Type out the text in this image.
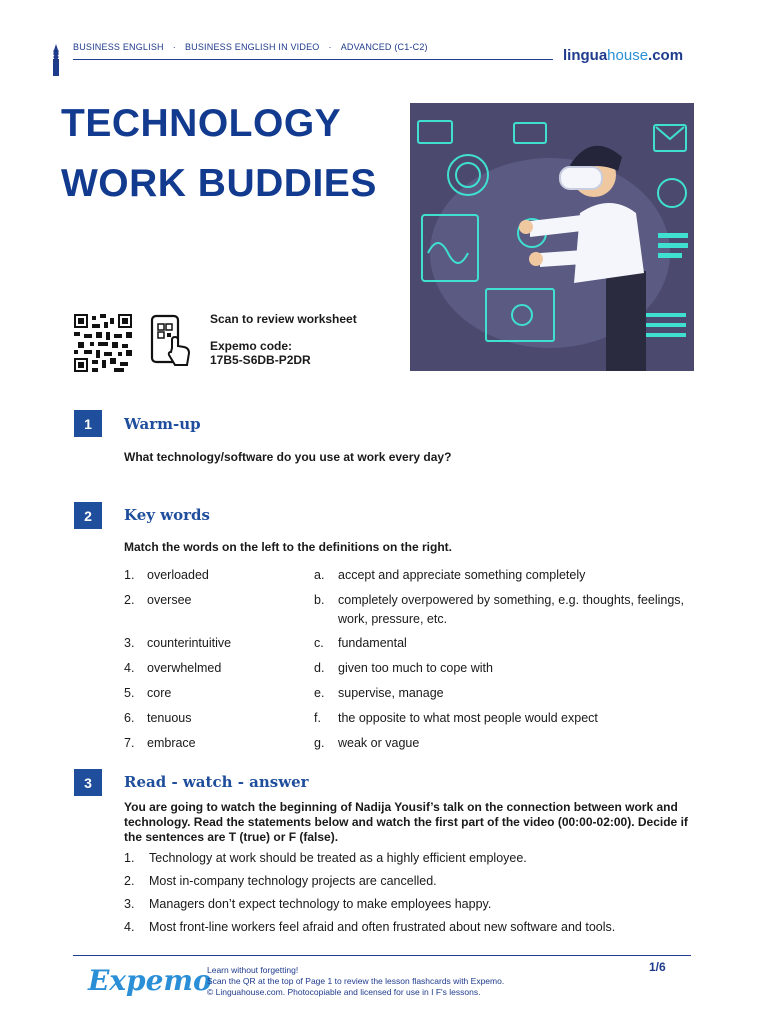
BUSINESS ENGLISH · BUSINESS ENGLISH IN VIDEO · ADVANCED (C1-C2)	linguahouse.com
TECHNOLOGY
WORK BUDDIES
Scan to review worksheet
Expemo code:
17B5-S6DB-P2DR
1	Warm-up
What technology/software do you use at work every day?
2	Key words
Match the words on the left to the definitions on the right.
1.	overloaded	a.	accept and appreciate something completely
2.	oversee	b.	completely overpowered by something, e.g. thoughts, feelings, work, pressure, etc.
3.	counterintuitive	c.	fundamental
4.	overwhelmed	d.	given too much to cope with
5.	core	e.	supervise, manage
6.	tenuous	f.	the opposite to what most people would expect
7.	embrace	g.	weak or vague
3	Read - watch - answer
You are going to watch the beginning of Nadija Yousif’s talk on the connection between work and technology. Read the statements below and watch the first part of the video (00:00-02:00). Decide if the sentences are T (true) or F (false).
1.	Technology at work should be treated as a highly efficient employee.
2.	Most in-company technology projects are cancelled.
3.	Managers don’t expect technology to make employees happy.
4.	Most front-line workers feel afraid and often frustrated about new software and tools.
Expemo
Learn without forgetting!
Scan the QR at the top of Page 1 to review the lesson flashcards with Expemo.
© Linguahouse.com. Photocopiable and licensed for use in I F's lessons.
1/6
